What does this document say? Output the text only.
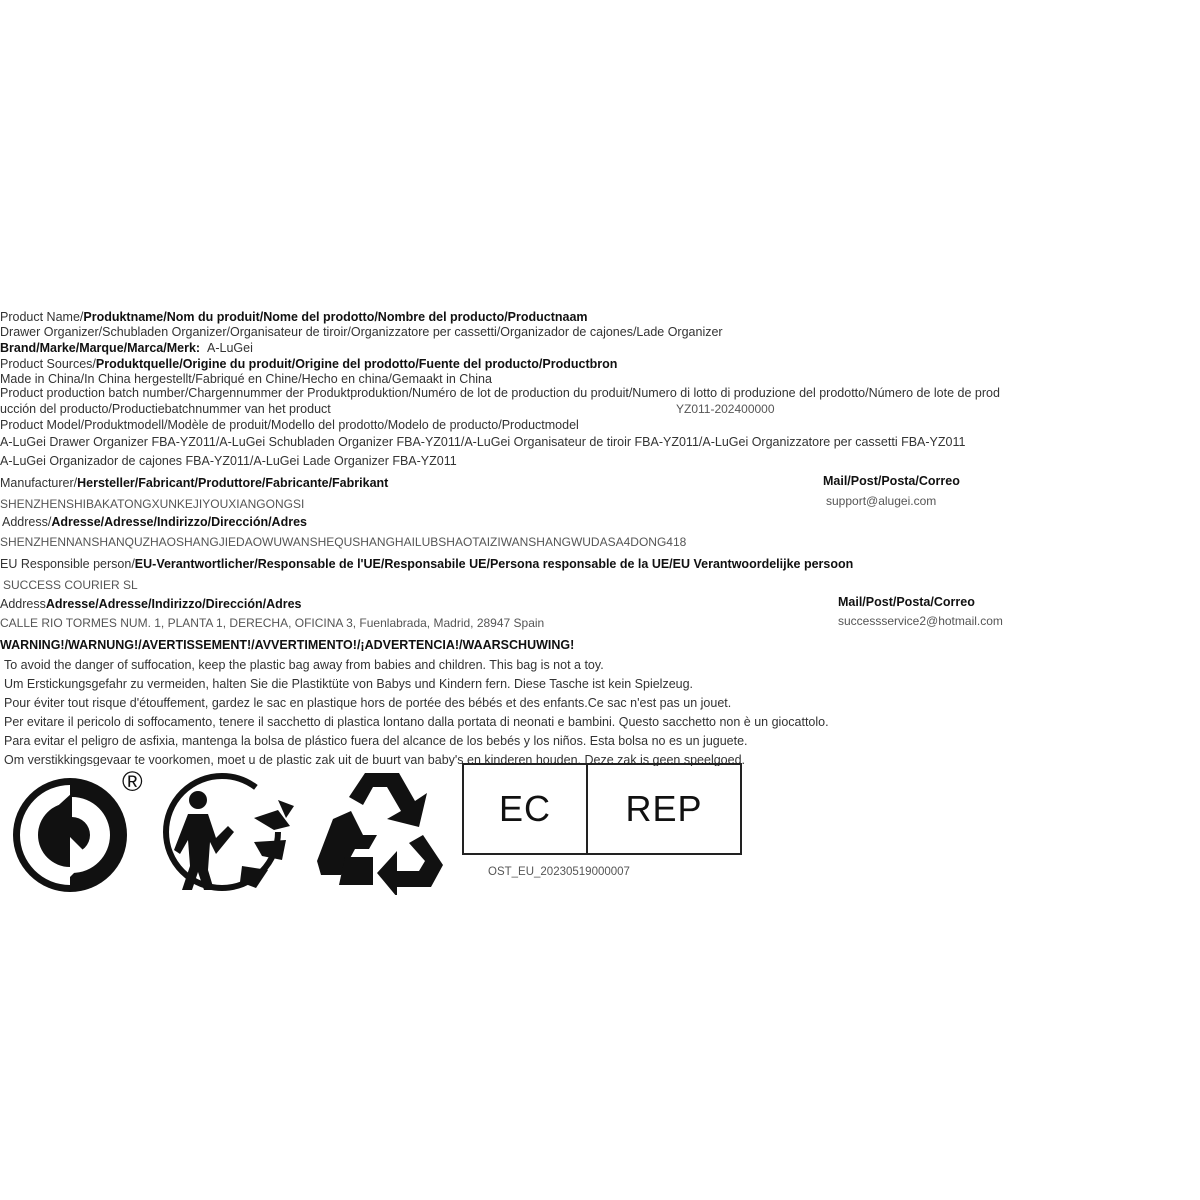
Product Name/Produktname/Nom du produit/Nome del prodotto/Nombre del producto/Productnaam
Drawer Organizer/Schubladen Organizer/Organisateur de tiroir/Organizzatore per cassetti/Organizador de cajones/Lade Organizer
Brand/Marke/Marque/Marca/Merk: A-LuGei
Product Sources/Produktquelle/Origine du produit/Origine del prodotto/Fuente del producto/Productbron
Made in China/In China hergestellt/Fabriqué en Chine/Hecho en china/Gemaakt in China
Product production batch number/Chargennummer der Produktproduktion/Numéro de lot de production du produit/Numero di lotto di produzione del prodotto/Número de lote de prod
ucción del producto/Productiebatchnummer van het product	YZ011-202400000
Product Model/Produktmodell/Modèle de produit/Modello del prodotto/Modelo de producto/Productmodel
A-LuGei Drawer Organizer FBA-YZ011/A-LuGei Schubladen Organizer FBA-YZ011/A-LuGei Organisateur de tiroir FBA-YZ011/A-LuGei Organizzatore per cassetti FBA-YZ011
A-LuGei Organizador de cajones FBA-YZ011/A-LuGei Lade Organizer FBA-YZ011
Manufacturer/Hersteller/Fabricant/Produttore/Fabricante/Fabrikant
SHENZHENSHIBAKATONGXUNKEJIYOUXIANGONGSI
Mail/Post/Posta/Correo
support@alugei.com
Address/Adresse/Adresse/Indirizzo/Dirección/Adres
SHENZHENNANSHANQUZHAOSHANGJIEDAOWUWANSHEQUSHANGHAILUBSHAOTAIZIWANSHANGWUDASA4DONG418
EU Responsible person/EU-Verantwortlicher/Responsable de l'UE/Responsabile UE/Persona responsable de la UE/EU Verantwoordelijke persoon
SUCCESS COURIER SL
AddressAdresse/Adresse/Indirizzo/Dirección/Adres
CALLE RIO TORMES NUM. 1, PLANTA 1, DERECHA, OFICINA 3, Fuenlabrada, Madrid, 28947 Spain
Mail/Post/Posta/Correo
successservice2@hotmail.com
WARNING!/WARNUNG!/AVERTISSEMENT!/AVVERTIMENTO!/¡ADVERTENCIA!/WAARSCHUWING!
To avoid the danger of suffocation, keep the plastic bag away from babies and children. This bag is not a toy.
Um Erstickungsgefahr zu vermeiden, halten Sie die Plastiktüte von Babys und Kindern fern. Diese Tasche ist kein Spielzeug.
Pour éviter tout risque d'étouffement, gardez le sac en plastique hors de portée des bébés et des enfants.Ce sac n'est pas un jouet.
Per evitare il pericolo di soffocamento, tenere il sacchetto di plastica lontano dalla portata di neonati e bambini. Questo sacchetto non è un giocattolo.
Para evitar el peligro de asfixia, mantenga la bolsa de plástico fuera del alcance de los bebés y los niños. Esta bolsa no es un juguete.
Om verstikkingsgevaar te voorkomen, moet u de plastic zak uit de buurt van baby's en kinderen houden. Deze zak is geen speelgoed.
®
EC	REP
OST_EU_20230519000007
